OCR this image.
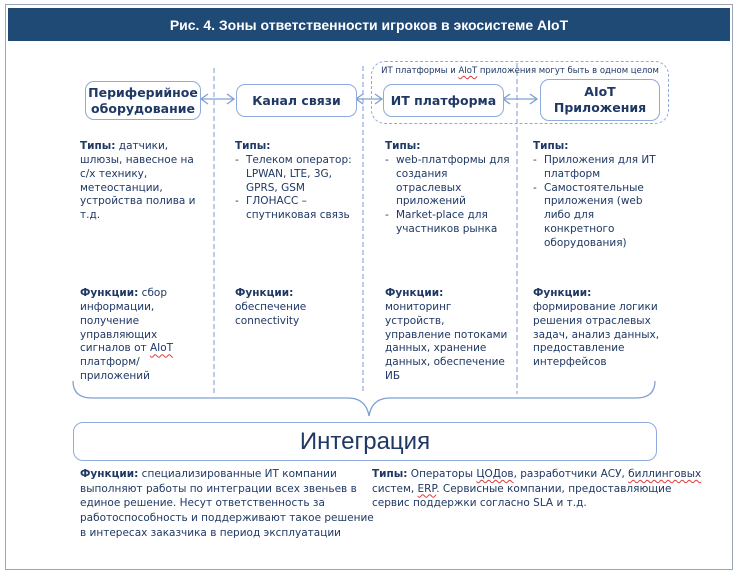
Рис. 4. Зоны ответственности игроков в экосистеме AIoT
ИТ платформы и AIoT приложения могут быть в одном целом
Периферийное оборудование
Канал связи	ИТ платформа
AIoT Приложения
Типы: датчики, шлюзы, навесное на с/х технику, метеостанции, устройства полива и т.д.
Функции: сбор информации, получение управляющих сигналов от AIoT платформ/ приложений
Типы:
- Телеком оператор: LPWAN, LTE, 3G, GPRS, GSM
- ГЛОНАСС – спутниковая связь
Функции: обеспечение connectivity
Типы:
- web-платформы для создания отраслевых приложений
- Market-place для участников рынка
Функции: мониторинг устройств, управление потоками данных, хранение данных, обеспечение ИБ
Типы:
- Приложения для ИТ платформ
- Самостоятельные приложения (web либо для конкретного оборудования)
Функции: формирование логики решения отраслевых задач, анализ данных, предоставление интерфейсов
Интеграция
Функции: специализированные ИТ компании выполняют работы по интеграции всех звеньев в единое решение. Несут ответственность за работоспособность и поддерживают такое решение в интересах заказчика в период эксплуатации
Типы: Операторы ЦОДов, разработчики АСУ, биллинговых систем, ERP. Сервисные компании, предоставляющие сервис поддержки согласно SLA и т.д.
